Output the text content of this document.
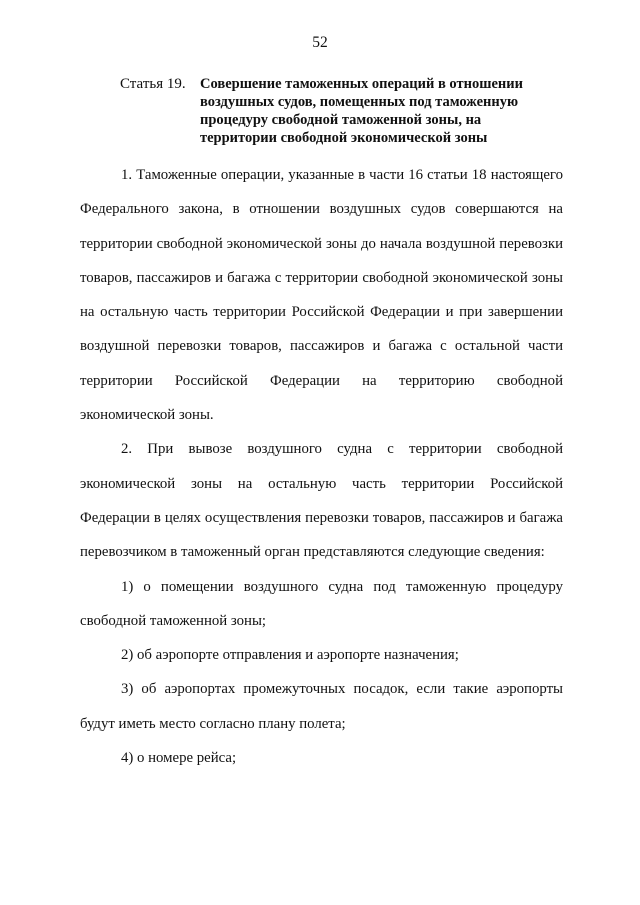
52
Статья 19. Совершение таможенных операций в отношении воздушных судов, помещенных под таможенную процедуру свободной таможенной зоны, на территории свободной экономической зоны

1. Таможенные операции, указанные в части 16 статьи 18 настоящего Федерального закона, в отношении воздушных судов совершаются на территории свободной экономической зоны до начала воздушной перевозки товаров, пассажиров и багажа с территории свободной экономической зоны на остальную часть территории Российской Федерации и при завершении воздушной перевозки товаров, пассажиров и багажа с остальной части территории Российской Федерации на территорию свободной экономической зоны.

2. При вывозе воздушного судна с территории свободной экономической зоны на остальную часть территории Российской Федерации в целях осуществления перевозки товаров, пассажиров и багажа перевозчиком в таможенный орган представляются следующие сведения:

1) о помещении воздушного судна под таможенную процедуру свободной таможенной зоны;

2) об аэропорте отправления и аэропорте назначения;

3) об аэропортах промежуточных посадок, если такие аэропорты будут иметь место согласно плану полета;

4) о номере рейса;
